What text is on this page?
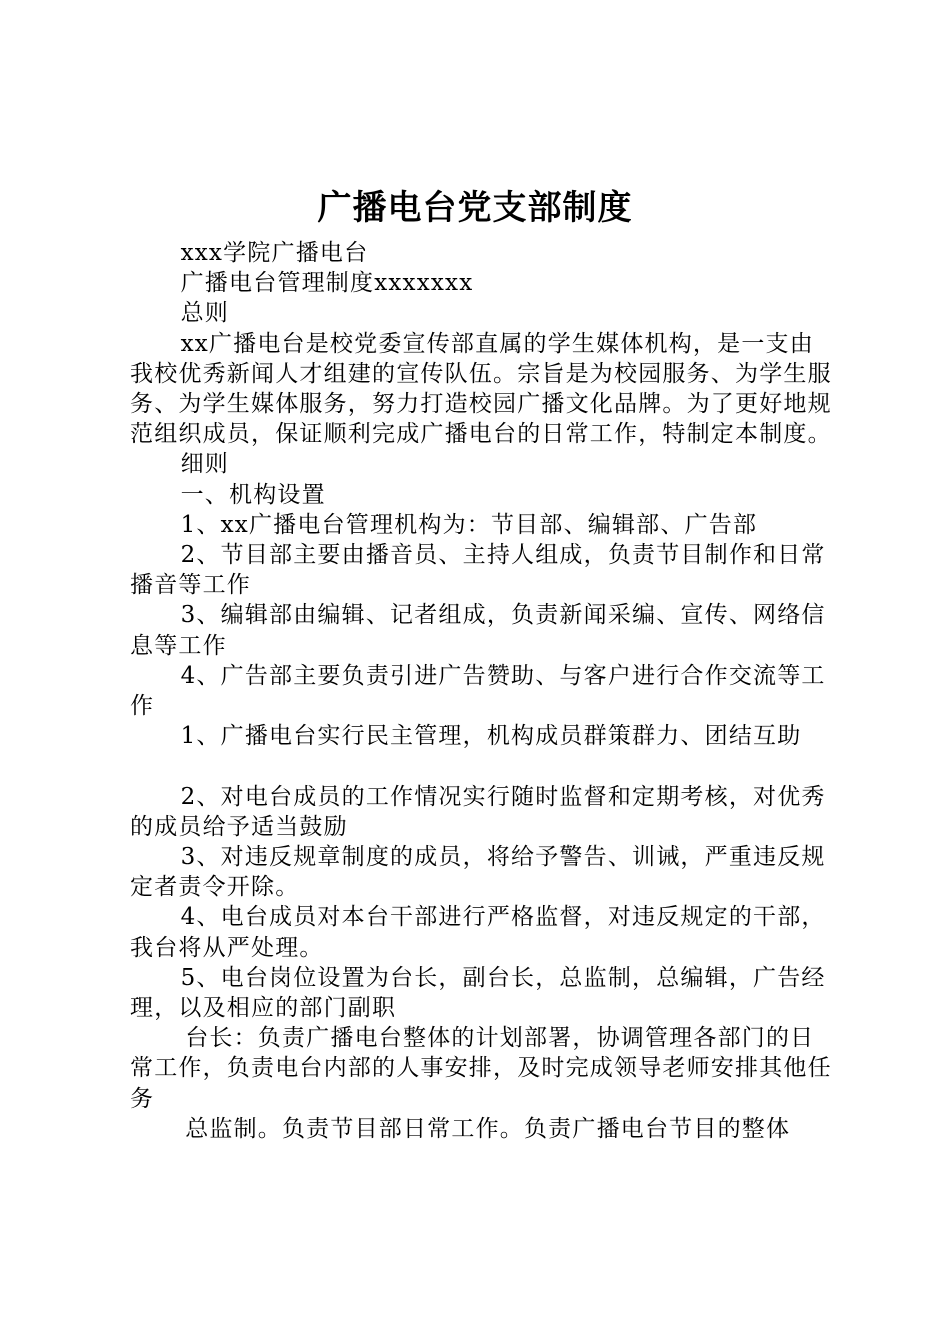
广播电台党支部制度

xxx学院广播电台

广播电台管理制度xxxxxxx

总则

xx广播电台是校党委宣传部直属的学生媒体机构，是一支由我校优秀新闻人才组建的宣传队伍。宗旨是为校园服务、为学生服务、为学生媒体服务，努力打造校园广播文化品牌。为了更好地规范组织成员，保证顺利完成广播电台的日常工作，特制定本制度。

细则

一、机构设置

1、xx广播电台管理机构为：节目部、编辑部、广告部

2、节目部主要由播音员、主持人组成，负责节目制作和日常播音等工作

3、编辑部由编辑、记者组成，负责新闻采编、宣传、网络信息等工作

4、广告部主要负责引进广告赞助、与客户进行合作交流等工作

1、广播电台实行民主管理，机构成员群策群力、团结互助

2、对电台成员的工作情况实行随时监督和定期考核，对优秀的成员给予适当鼓励

3、对违反规章制度的成员，将给予警告、训诫，严重违反规定者责令开除。

4、电台成员对本台干部进行严格监督，对违反规定的干部，我台将从严处理。

5、电台岗位设置为台长，副台长，总监制，总编辑，广告经理，以及相应的部门副职

台长：负责广播电台整体的计划部署，协调管理各部门的日常工作，负责电台内部的人事安排，及时完成领导老师安排其他任务

总监制。负责节目部日常工作。负责广播电台节目的整体
